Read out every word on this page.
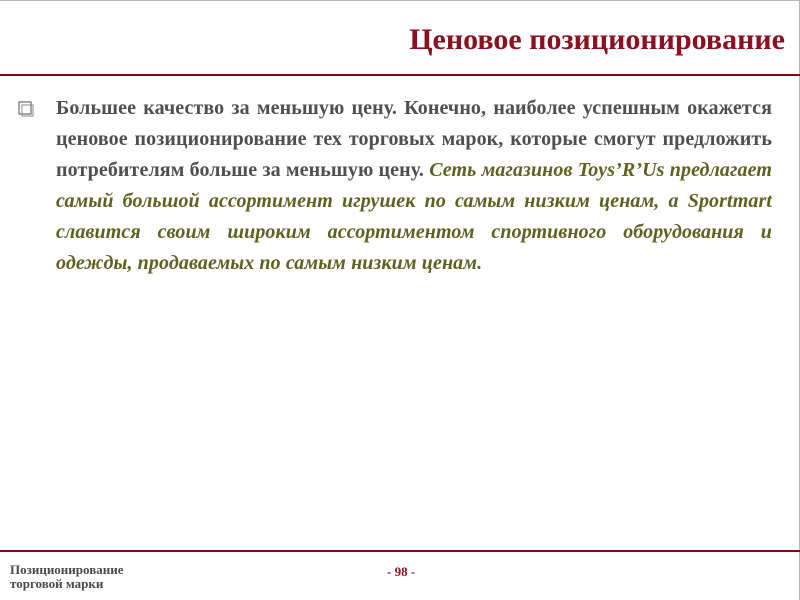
Ценовое позиционирование
Большее качество за меньшую цену. Конечно, наиболее успешным окажется ценовое позиционирование тех торговых марок, которые смогут предложить потребителям больше за меньшую цену. Сеть магазинов Toys’R’Us предлагает самый большой ассортимент игрушек по самым низким ценам, а Sportmart славится своим широким ассортиментом спортивного оборудования и одежды, продаваемых по самым низким ценам.
Позиционирование
торговой марки
- 98 -
